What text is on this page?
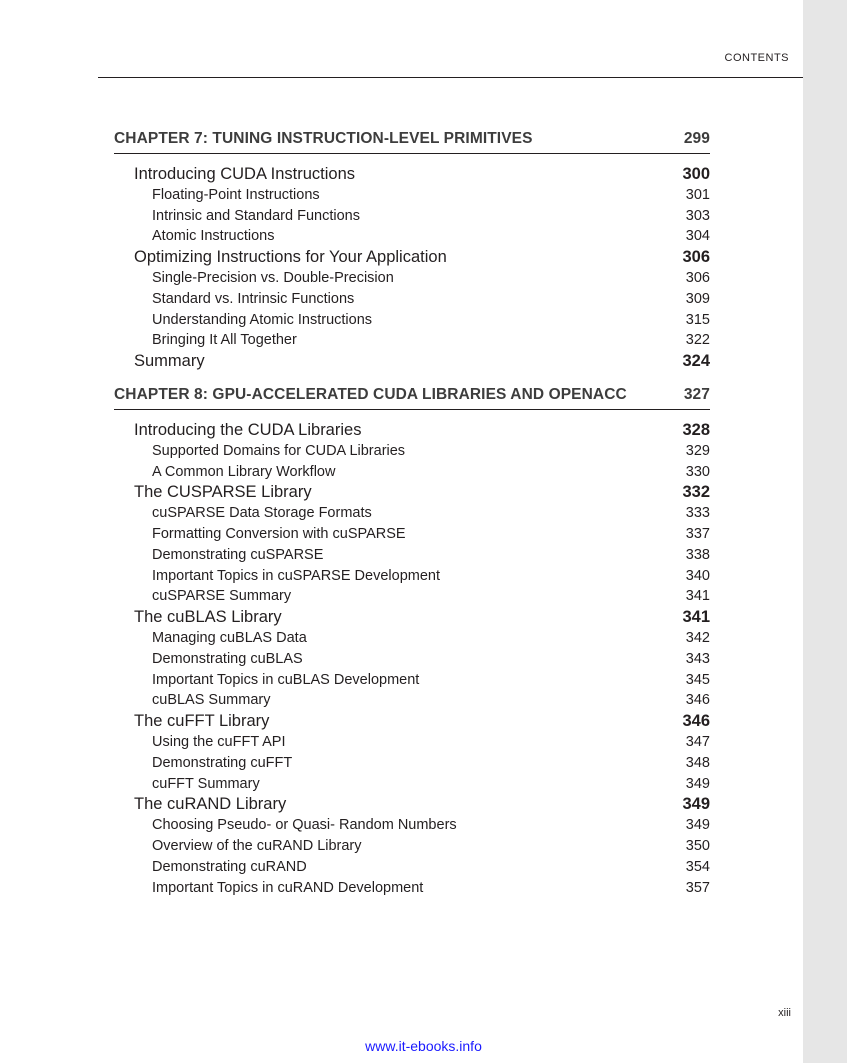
CONTENTS
CHAPTER 7: TUNING INSTRUCTION-LEVEL PRIMITIVES	299
Introducing CUDA Instructions	300
Floating-Point Instructions	301
Intrinsic and Standard Functions	303
Atomic Instructions	304
Optimizing Instructions for Your Application	306
Single-Precision vs. Double-Precision	306
Standard vs. Intrinsic Functions	309
Understanding Atomic Instructions	315
Bringing It All Together	322
Summary	324
CHAPTER 8: GPU-ACCELERATED CUDA LIBRARIES AND OPENACC	327
Introducing the CUDA Libraries	328
Supported Domains for CUDA Libraries	329
A Common Library Workflow	330
The CUSPARSE Library	332
cuSPARSE Data Storage Formats	333
Formatting Conversion with cuSPARSE	337
Demonstrating cuSPARSE	338
Important Topics in cuSPARSE Development	340
cuSPARSE Summary	341
The cuBLAS Library	341
Managing cuBLAS Data	342
Demonstrating cuBLAS	343
Important Topics in cuBLAS Development	345
cuBLAS Summary	346
The cuFFT Library	346
Using the cuFFT API	347
Demonstrating cuFFT	348
cuFFT Summary	349
The cuRAND Library	349
Choosing Pseudo- or Quasi- Random Numbers	349
Overview of the cuRAND Library	350
Demonstrating cuRAND	354
Important Topics in cuRAND Development	357
xiii
www.it-ebooks.info
